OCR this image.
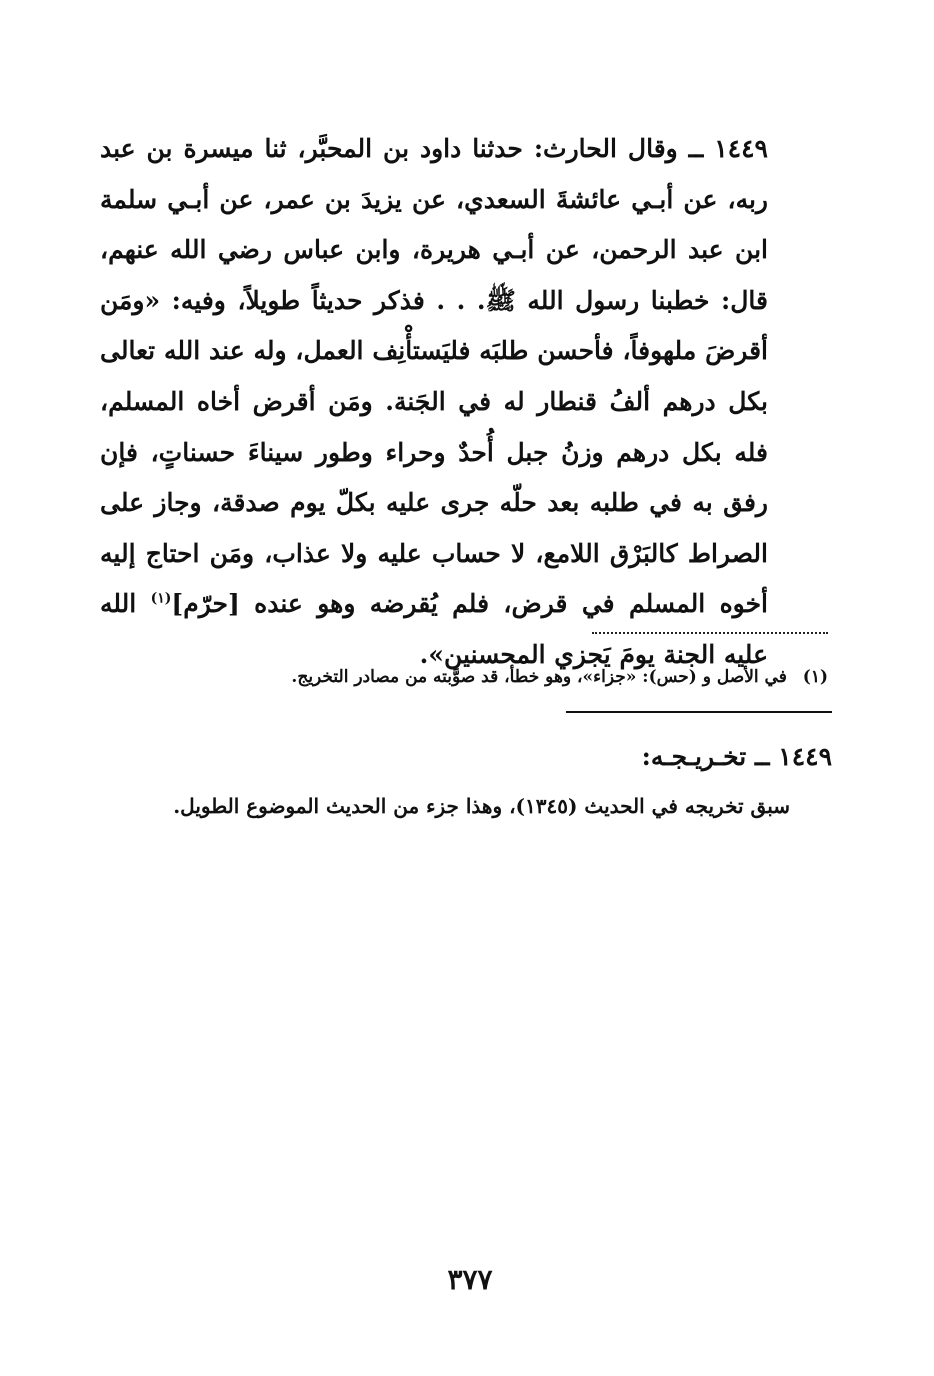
١٤٤٩ ــ وقال الحارث: حدثنا داود بن المحبَّر، ثنا ميسرة بن عبد ربه، عن أبـي عائشةَ السعدي، عن يزيدَ بن عمر، عن أبـي سلمة ابن عبد الرحمن، عن أبـي هريرة، وابن عباس رضي الله عنهم، قال: خطبنا رسول الله ﷺ. . . فذكر حديثاً طويلاً، وفيه: «ومَن أقرضَ ملهوفاً، فأحسن طلبَه فليَستأْنِف العمل، وله عند الله تعالى بكل درهم ألفُ قنطار له في الجَنة. ومَن أقرض أخاه المسلم، فله بكل درهم وزنُ جبل أُحدٌ وحراء وطور سيناءَ حسناتٍ، فإن رفق به في طلبه بعد حلّه جرى عليه بكلّ يوم صدقة، وجاز على الصراط كالبَرْق اللامع، لا حساب عليه ولا عذاب، ومَن احتاج إليه أخوه المسلم في قرض، فلم يُقرضه وهو عنده [حرّم]$^{(١)}$ الله عليه الجنة يومَ يَجزي المحسنين».

(١) في الأصل و (حس): «جزاء»، وهو خطأ، قد صوَّبته من مصادر التخريج.
١٤٤٩ ــ تخـريـجـه:
سبق تخريجه في الحديث (١٣٤٥)، وهذا جزء من الحديث الموضوع الطويل.
٣٧٧
